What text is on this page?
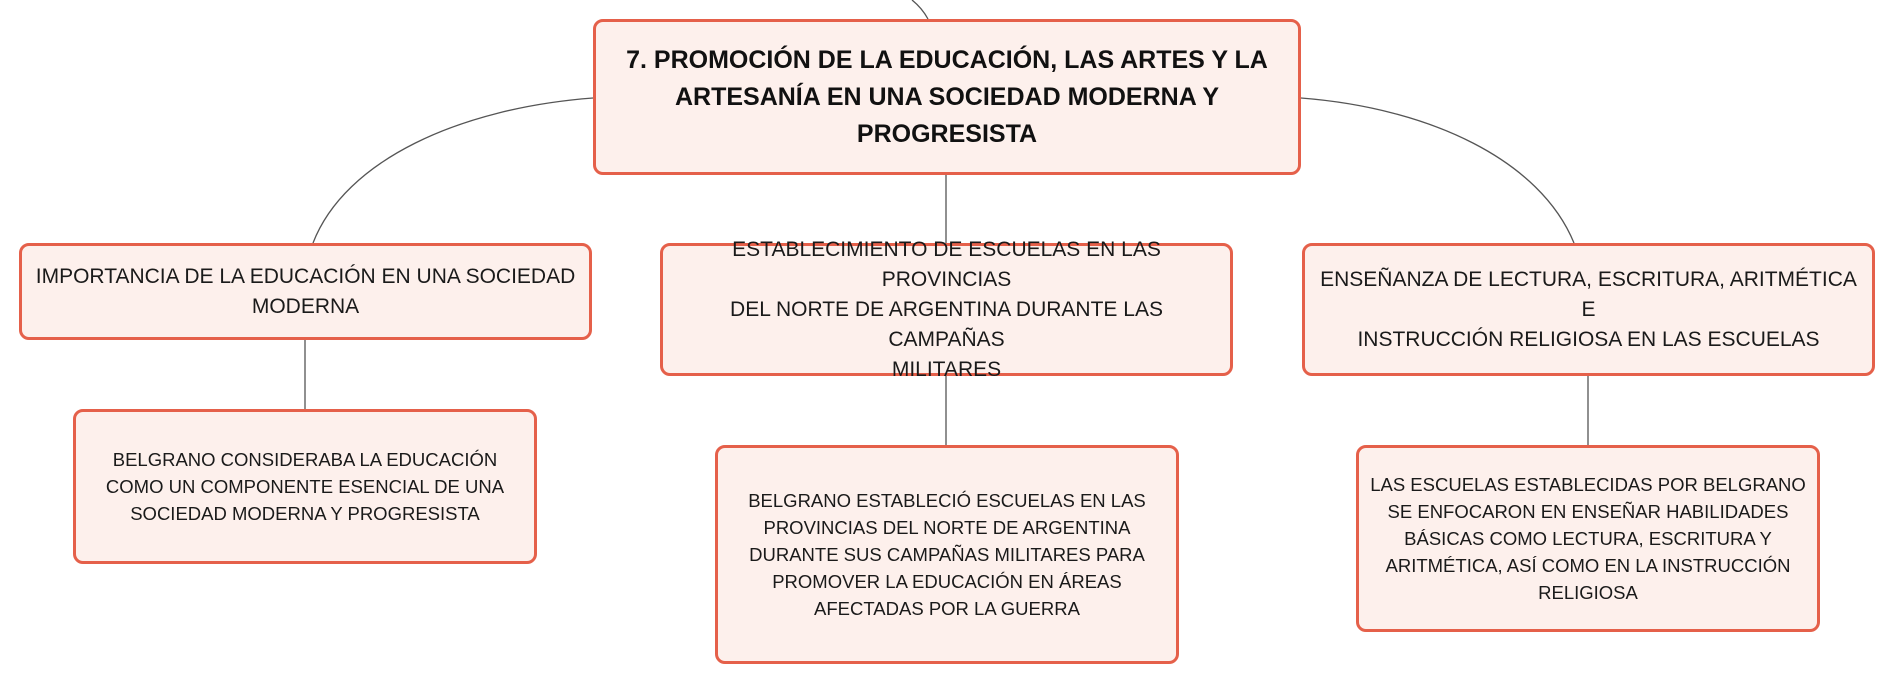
7. PROMOCIÓN DE LA EDUCACIÓN, LAS ARTES Y LA
ARTESANÍA EN UNA SOCIEDAD MODERNA Y
PROGRESISTA
IMPORTANCIA DE LA EDUCACIÓN EN UNA SOCIEDAD
MODERNA
ESTABLECIMIENTO DE ESCUELAS EN LAS PROVINCIAS
DEL NORTE DE ARGENTINA DURANTE LAS CAMPAÑAS
MILITARES
ENSEÑANZA DE LECTURA, ESCRITURA, ARITMÉTICA E
INSTRUCCIÓN RELIGIOSA EN LAS ESCUELAS
BELGRANO CONSIDERABA LA EDUCACIÓN
COMO UN COMPONENTE ESENCIAL DE UNA
SOCIEDAD MODERNA Y PROGRESISTA
BELGRANO ESTABLECIÓ ESCUELAS EN LAS
PROVINCIAS DEL NORTE DE ARGENTINA
DURANTE SUS CAMPAÑAS MILITARES PARA
PROMOVER LA EDUCACIÓN EN ÁREAS
AFECTADAS POR LA GUERRA
LAS ESCUELAS ESTABLECIDAS POR BELGRANO
SE ENFOCARON EN ENSEÑAR HABILIDADES
BÁSICAS COMO LECTURA, ESCRITURA Y
ARITMÉTICA, ASÍ COMO EN LA INSTRUCCIÓN
RELIGIOSA
